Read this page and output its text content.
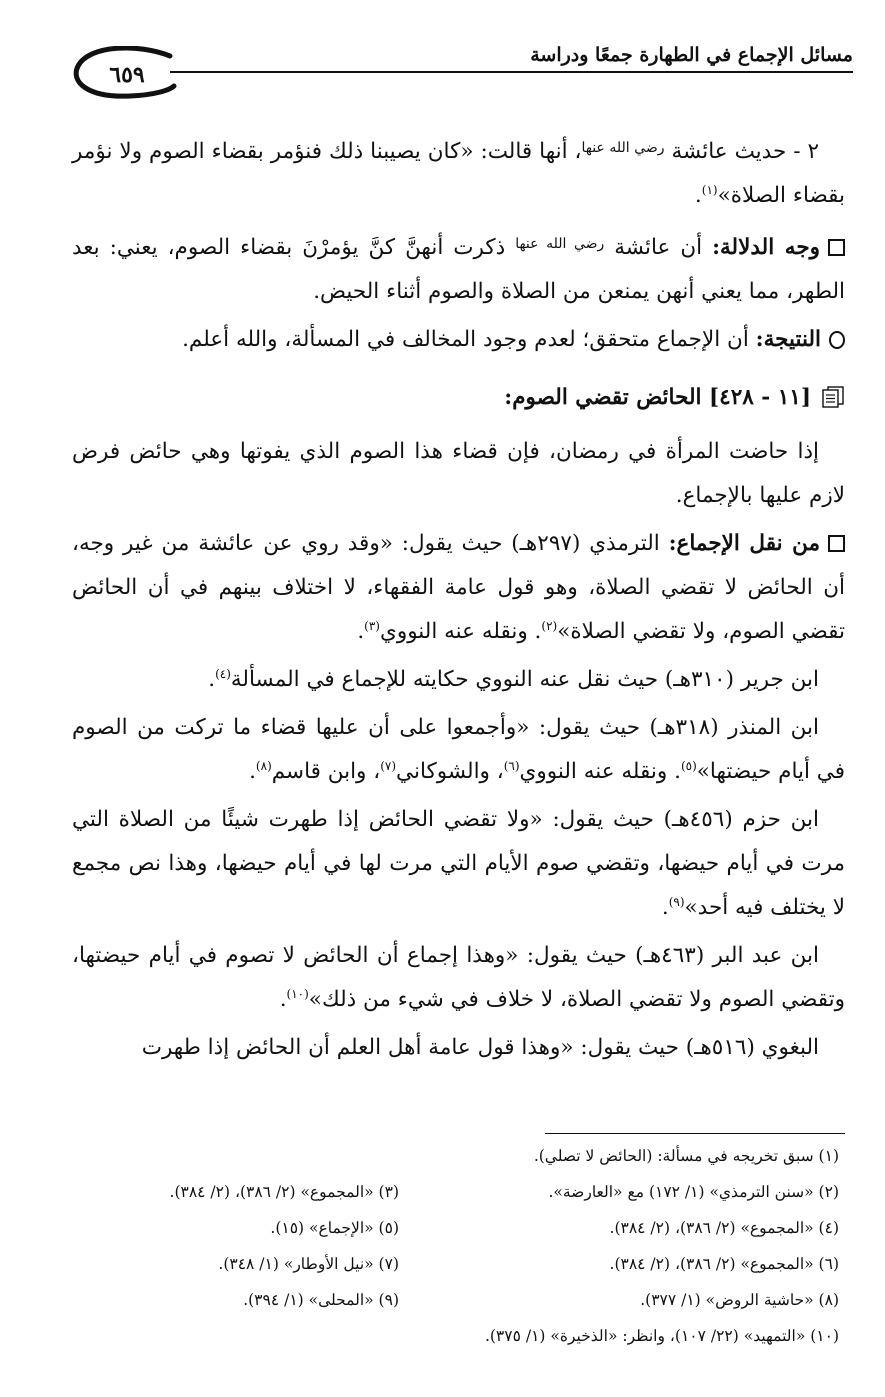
مسائل الإجماع في الطهارة جمعًا ودراسة
٦٥٩

٢ - حديث عائشة $^{رضي الله عنها}$، أنها قالت: «كان يصيبنا ذلك فنؤمر بقضاء الصوم ولا نؤمر بقضاء الصلاة»$^{(١)}$.

وجه الدلالة: أن عائشة $^{رضي الله عنها}$ ذكرت أنهنَّ كنَّ يؤمرْنَ بقضاء الصوم، يعني: بعد الطهر، مما يعني أنهن يمنعن من الصلاة والصوم أثناء الحيض.

النتيجة: أن الإجماع متحقق؛ لعدم وجود المخالف في المسألة، والله أعلم.

[١١ - ٤٢٨] الحائض تقضي الصوم:

إذا حاضت المرأة في رمضان، فإن قضاء هذا الصوم الذي يفوتها وهي حائض فرض لازم عليها بالإجماع.

من نقل الإجماع: الترمذي (٢٩٧هـ) حيث يقول: «وقد روي عن عائشة من غير وجه، أن الحائض لا تقضي الصلاة، وهو قول عامة الفقهاء، لا اختلاف بينهم في أن الحائض تقضي الصوم، ولا تقضي الصلاة»$^{(٢)}$. ونقله عنه النووي$^{(٣)}$.

ابن جرير (٣١٠هـ) حيث نقل عنه النووي حكايته للإجماع في المسألة$^{(٤)}$.

ابن المنذر (٣١٨هـ) حيث يقول: «وأجمعوا على أن عليها قضاء ما تركت من الصوم في أيام حيضتها»$^{(٥)}$. ونقله عنه النووي$^{(٦)}$، والشوكاني$^{(٧)}$، وابن قاسم$^{(٨)}$.

ابن حزم (٤٥٦هـ) حيث يقول: «ولا تقضي الحائض إذا طهرت شيئًا من الصلاة التي مرت في أيام حيضها، وتقضي صوم الأيام التي مرت لها في أيام حيضها، وهذا نص مجمع لا يختلف فيه أحد»$^{(٩)}$.

ابن عبد البر (٤٦٣هـ) حيث يقول: «وهذا إجماع أن الحائض لا تصوم في أيام حيضتها، وتقضي الصوم ولا تقضي الصلاة، لا خلاف في شيء من ذلك»$^{(١٠)}$.

البغوي (٥١٦هـ) حيث يقول: «وهذا قول عامة أهل العلم أن الحائض إذا طهرت

(١) سبق تخريجه في مسألة: (الحائض لا تصلي).
(٢) «سنن الترمذي» (١/ ١٧٢) مع «العارضة».
(٣) «المجموع» (٢/ ٣٨٦)، (٢/ ٣٨٤).
(٤) «المجموع» (٢/ ٣٨٦)، (٢/ ٣٨٤).
(٥) «الإجماع» (١٥).
(٦) «المجموع» (٢/ ٣٨٦)، (٢/ ٣٨٤).
(٧) «نيل الأوطار» (١/ ٣٤٨).
(٨) «حاشية الروض» (١/ ٣٧٧).
(٩) «المحلى» (١/ ٣٩٤).
(١٠) «التمهيد» (٢٢/ ١٠٧)، وانظر: «الذخيرة» (١/ ٣٧٥).
